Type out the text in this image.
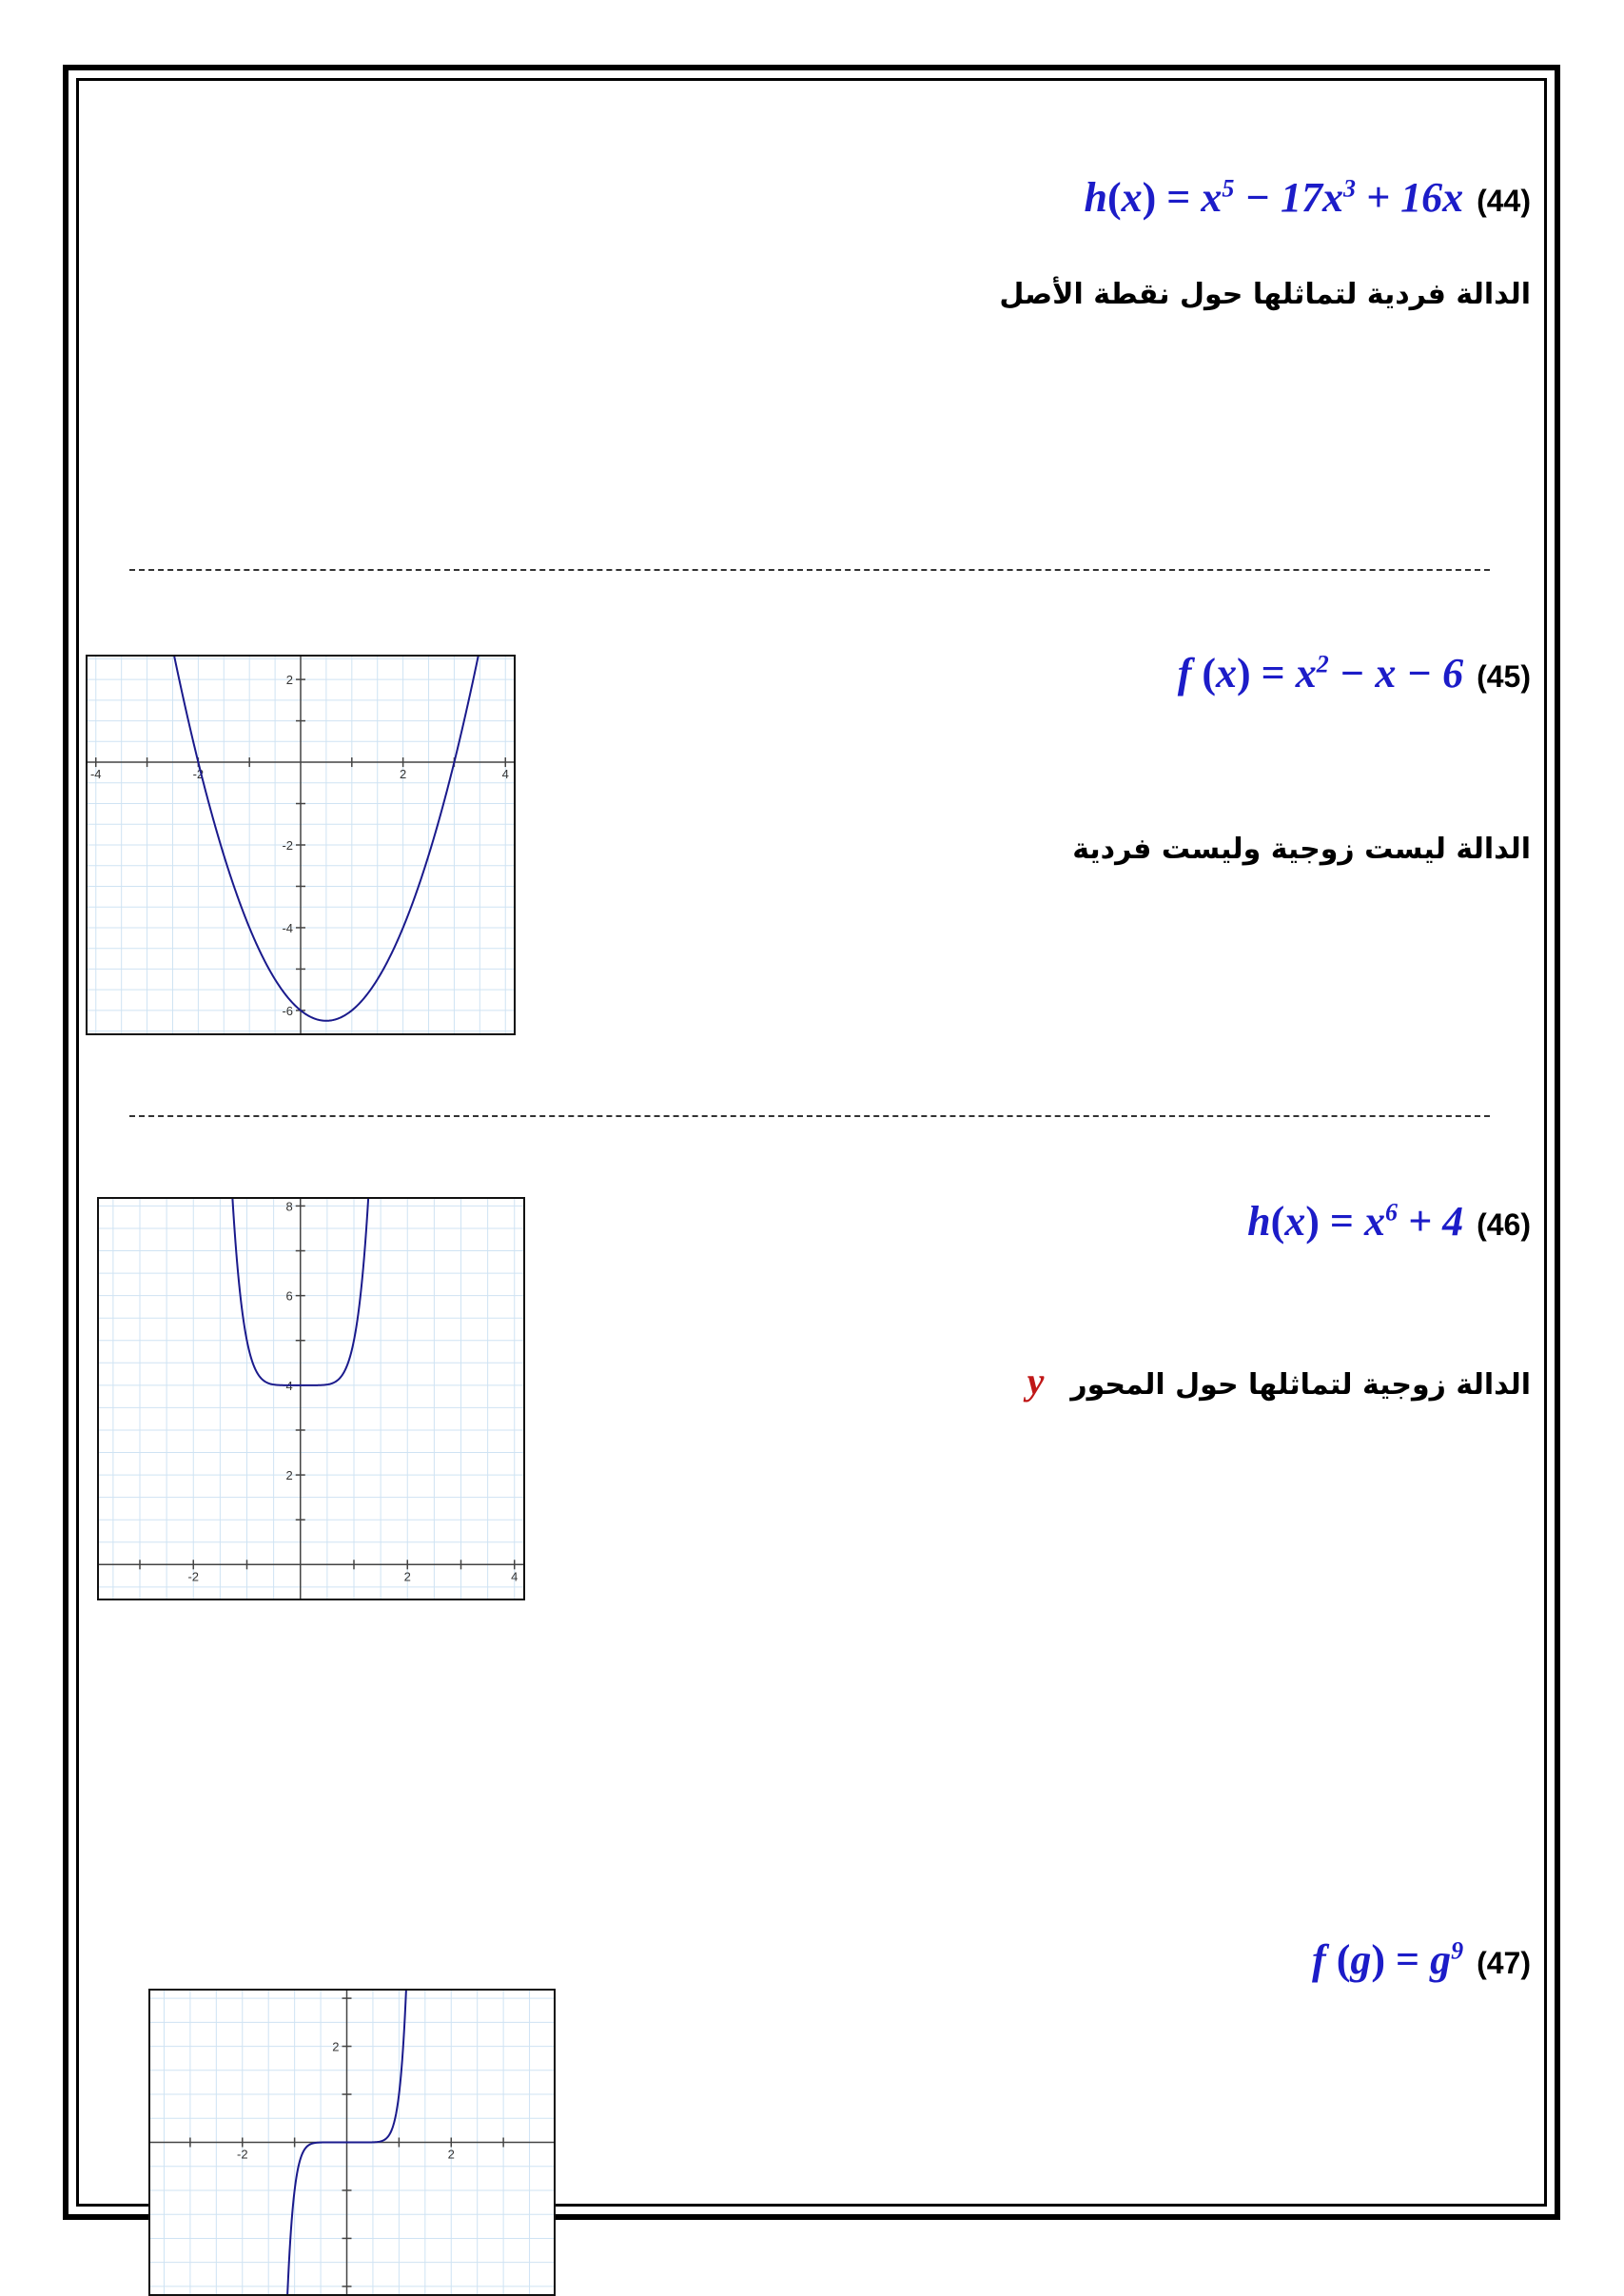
$h(x) = x^5 - 17x^3 + 16x$ (44)
الدالة فردية لتماثلها حول نقطة الأصل
f $(x) = x^2 - x - 6$ (45)
الدالة ليست زوجية وليست فردية
-4	-2	2	4
2
-2
-4
-6
$h(x) = x^6 + 4$ (46)
الدالة زوجية لتماثلها حول المحورy
-2	2	4
8
6
4
2
f $(g) = g^9$ (47)
-2	2
2
